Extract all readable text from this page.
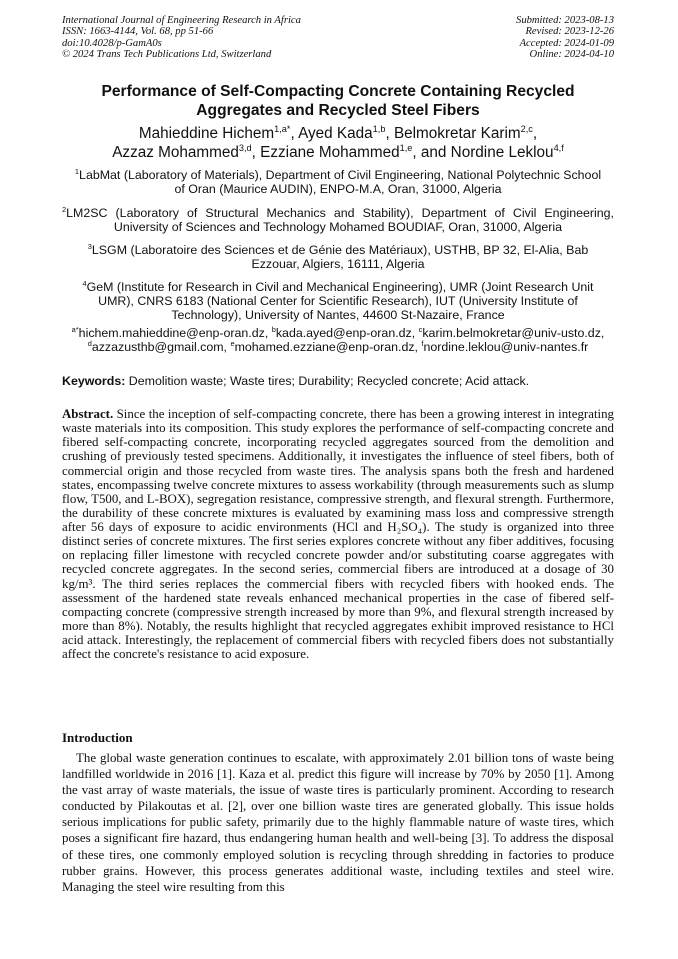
International Journal of Engineering Research in Africa
ISSN: 1663-4144, Vol. 68, pp 51-66
doi:10.4028/p-GamA0s
© 2024 Trans Tech Publications Ltd, Switzerland
Submitted: 2023-08-13
Revised: 2023-12-26
Accepted: 2024-01-09
Online: 2024-04-10
Performance of Self-Compacting Concrete Containing Recycled Aggregates and Recycled Steel Fibers
Mahieddine Hichem$^{1,a*}$, Ayed Kada$^{1,b}$, Belmokretar Karim$^{2,c}$,
Azzaz Mohammed$^{3,d}$, Ezziane Mohammed$^{1,e}$, and Nordine Leklou$^{4,f}$
$^1$LabMat (Laboratory of Materials), Department of Civil Engineering, National Polytechnic School of Oran (Maurice AUDIN), ENPO-M.A, Oran, 31000, Algeria
$^2$LM2SC (Laboratory of Structural Mechanics and Stability), Department of Civil Engineering, University of Sciences and Technology Mohamed BOUDIAF, Oran, 31000, Algeria
$^3$LSGM (Laboratoire des Sciences et de Génie des Matériaux), USTHB, BP 32, El-Alia, Bab Ezzouar, Algiers, 16111, Algeria
$^4$GeM (Institute for Research in Civil and Mechanical Engineering), UMR (Joint Research Unit UMR), CNRS 6183 (National Center for Scientific Research), IUT (University Institute of Technology), University of Nantes, 44600 St-Nazaire, France
$^{a*}$hichem.mahieddine@enp-oran.dz, $^b$kada.ayed@enp-oran.dz, $^c$karim.belmokretar@univ-usto.dz,
$^d$azzazusthb@gmail.com, $^e$mohamed.ezziane@enp-oran.dz, $^f$nordine.leklou@univ-nantes.fr
Keywords: Demolition waste; Waste tires; Durability; Recycled concrete; Acid attack.

Abstract. Since the inception of self-compacting concrete, there has been a growing interest in integrating waste materials into its composition. This study explores the performance of self-compacting concrete and fibered self-compacting concrete, incorporating recycled aggregates sourced from the demolition and crushing of previously tested specimens. Additionally, it investigates the influence of steel fibers, both of commercial origin and those recycled from waste tires. The analysis spans both the fresh and hardened states, encompassing twelve concrete mixtures to assess workability (through measurements such as slump flow, T500, and L-BOX), segregation resistance, compressive strength, and flexural strength. Furthermore, the durability of these concrete mixtures is evaluated by examining mass loss and compressive strength after 56 days of exposure to acidic environments (HCl and H₂SO₄). The study is organized into three distinct series of concrete mixtures. The first series explores concrete without any fiber additives, focusing on replacing filler limestone with recycled concrete powder and/or substituting coarse aggregates with recycled concrete aggregates. In the second series, commercial fibers are introduced at a dosage of 30 kg/m³. The third series replaces the commercial fibers with recycled fibers with hooked ends. The assessment of the hardened state reveals enhanced mechanical properties in the case of fibered self-compacting concrete (compressive strength increased by more than 9%, and flexural strength increased by more than 8%). Notably, the results highlight that recycled aggregates exhibit improved resistance to HCl acid attack. Interestingly, the replacement of commercial fibers with recycled fibers does not substantially affect the concrete's resistance to acid exposure.

Introduction

The global waste generation continues to escalate, with approximately 2.01 billion tons of waste being landfilled worldwide in 2016 [1]. Kaza et al. predict this figure will increase by 70% by 2050 [1]. Among the vast array of waste materials, the issue of waste tires is particularly prominent. According to research conducted by Pilakoutas et al. [2], over one billion waste tires are generated globally. This issue holds serious implications for public safety, primarily due to the highly flammable nature of waste tires, which poses a significant fire hazard, thus endangering human health and well-being [3]. To address the disposal of these tires, one commonly employed solution is recycling through shredding in factories to produce rubber grains. However, this process generates additional waste, including textiles and steel wire. Managing the steel wire resulting from this
